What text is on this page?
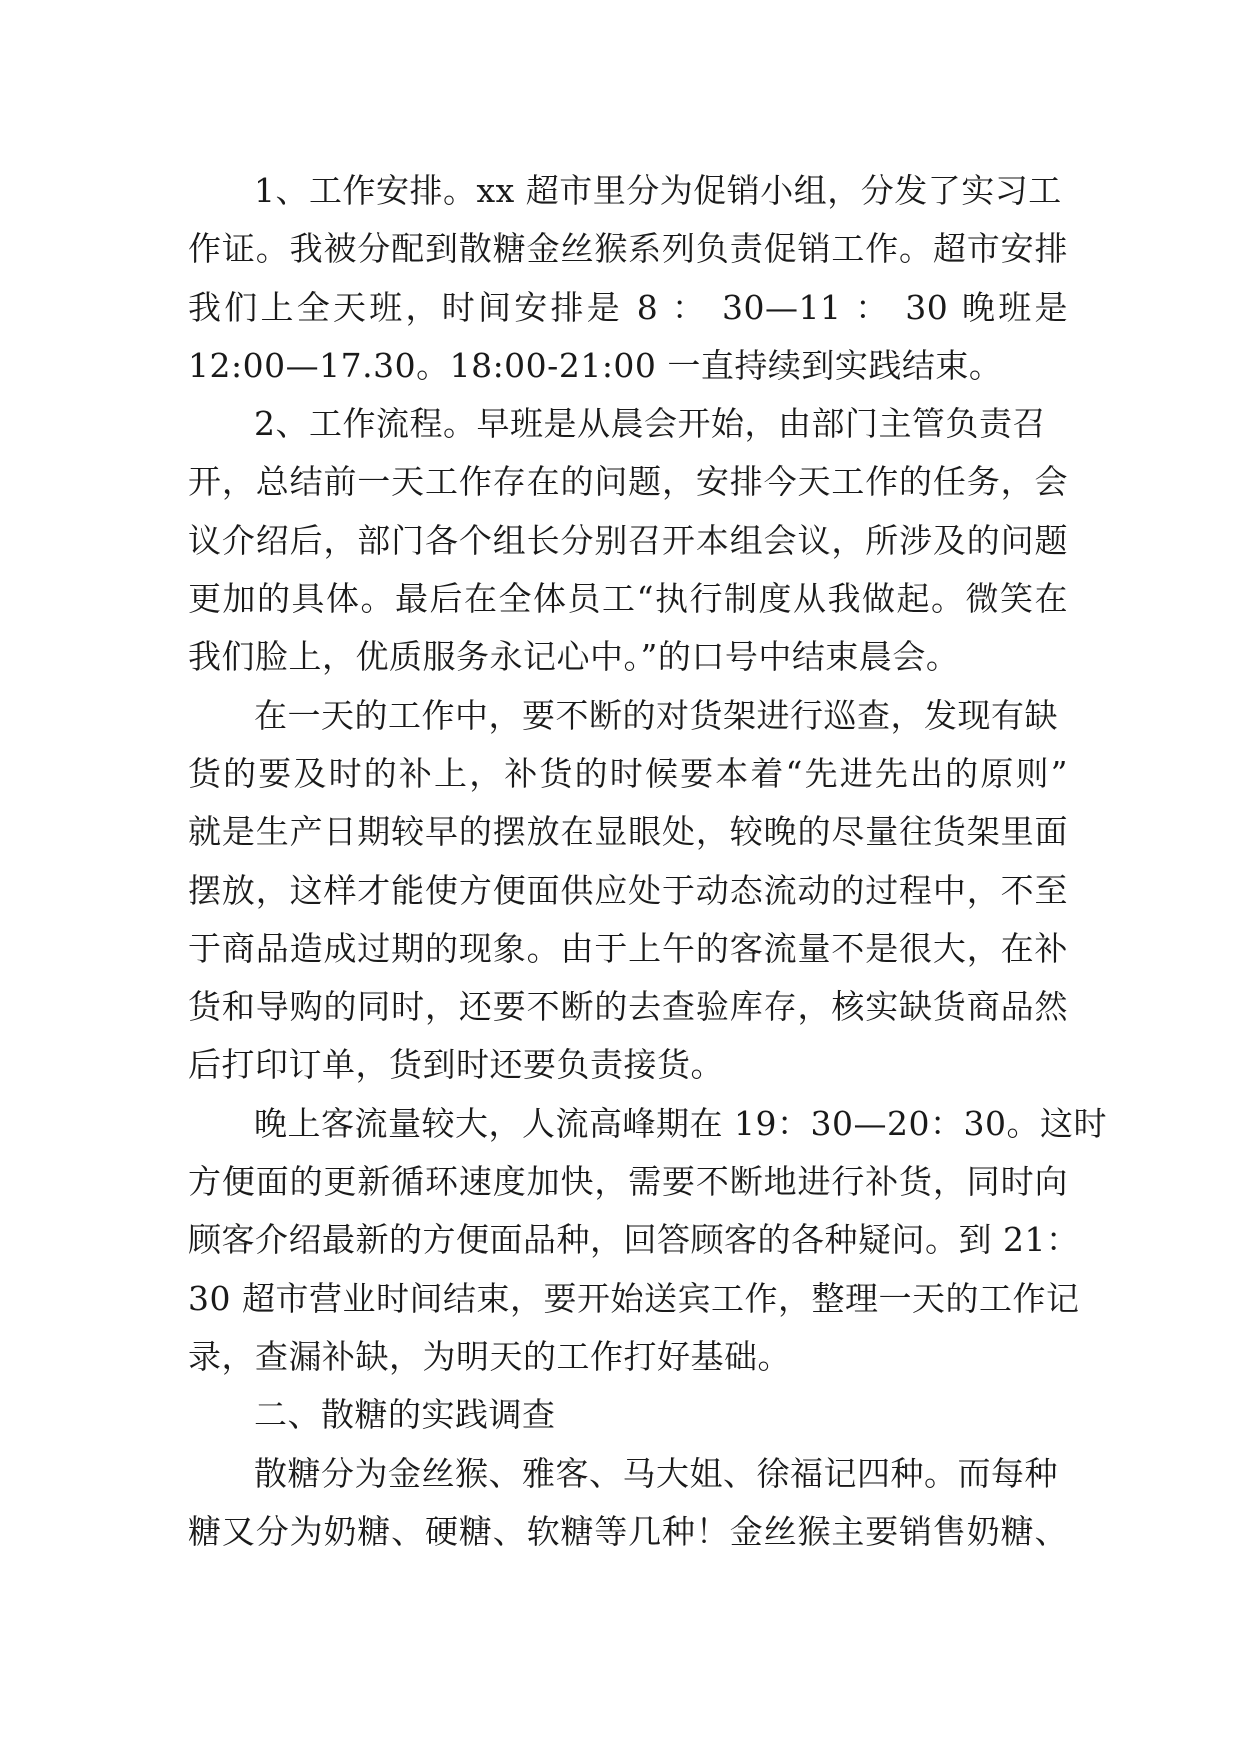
1、工作安排。xx 超市里分为促销小组，分发了实习工
作证。我被分配到散糖金丝猴系列负责促销工作。超市安排
我们上全天班，时间安排是 8 ： 30—11 ： 30 晚班是
12:00—17.30。18:00-21:00 一直持续到实践结束。
2、工作流程。早班是从晨会开始，由部门主管负责召
开，总结前一天工作存在的问题，安排今天工作的任务，会
议介绍后，部门各个组长分别召开本组会议，所涉及的问题
更加的具体。最后在全体员工“执行制度从我做起。微笑在
我们脸上，优质服务永记心中。”的口号中结束晨会。
在一天的工作中，要不断的对货架进行巡查，发现有缺
货的要及时的补上，补货的时候要本着“先进先出的原则”
就是生产日期较早的摆放在显眼处，较晚的尽量往货架里面
摆放，这样才能使方便面供应处于动态流动的过程中，不至
于商品造成过期的现象。由于上午的客流量不是很大，在补
货和导购的同时，还要不断的去查验库存，核实缺货商品然
后打印订单，货到时还要负责接货。
晚上客流量较大，人流高峰期在 19：30—20：30。这时
方便面的更新循环速度加快，需要不断地进行补货，同时向
顾客介绍最新的方便面品种，回答顾客的各种疑问。到 21：
30 超市营业时间结束，要开始送宾工作，整理一天的工作记
录，查漏补缺，为明天的工作打好基础。
二、散糖的实践调查
散糖分为金丝猴、雅客、马大姐、徐福记四种。而每种
糖又分为奶糖、硬糖、软糖等几种！金丝猴主要销售奶糖、
